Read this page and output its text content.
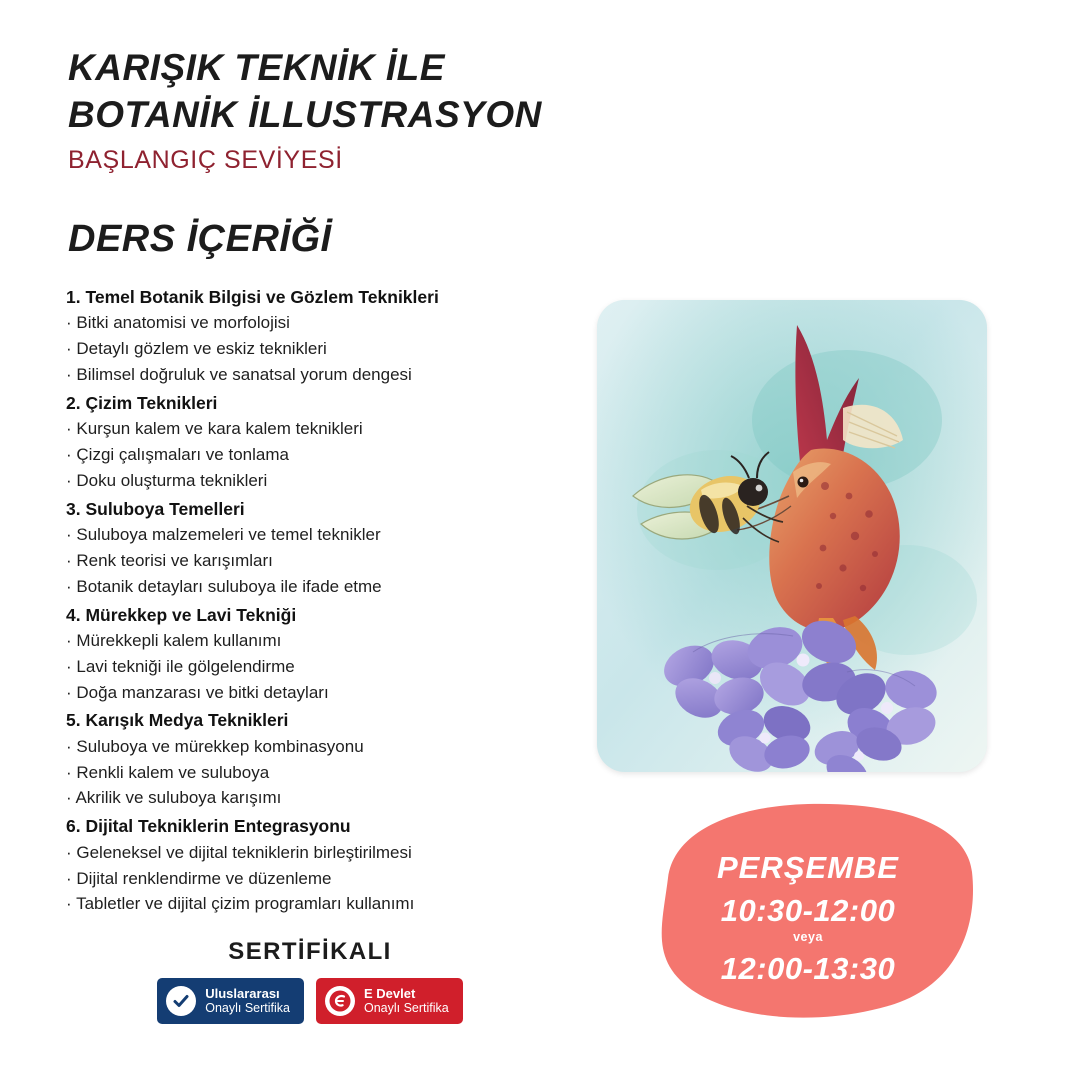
KARIŞIK TEKNİK İLE
BOTANİK İLLUSTRASYON
BAŞLANGIÇ SEVİYESİ
DERS İÇERİĞİ
1. Temel Botanik Bilgisi ve Gözlem Teknikleri
· Bitki anatomisi ve morfolojisi
· Detaylı gözlem ve eskiz teknikleri
· Bilimsel doğruluk ve sanatsal yorum dengesi
2. Çizim Teknikleri
· Kurşun kalem ve kara kalem teknikleri
· Çizgi çalışmaları ve tonlama
· Doku oluşturma teknikleri
3. Suluboya Temelleri
· Suluboya malzemeleri ve temel teknikler
· Renk teorisi ve karışımları
· Botanik detayları suluboya ile ifade etme
4. Mürekkep ve Lavi Tekniği
· Mürekkepli kalem kullanımı
· Lavi tekniği ile gölgelendirme
· Doğa manzarası ve bitki detayları
5. Karışık Medya Teknikleri
· Suluboya ve mürekkep kombinasyonu
· Renkli kalem ve suluboya
· Akrilik ve suluboya karışımı
6. Dijital Tekniklerin Entegrasyonu
· Geleneksel ve dijital tekniklerin birleştirilmesi
· Dijital renklendirme ve düzenleme
· Tabletler ve dijital çizim programları kullanımı
PERŞEMBE
10:30-12:00
veya
12:00-13:30
SERTİFİKALI
Uluslararası
Onaylı Sertifika
E Devlet
Onaylı Sertifika
